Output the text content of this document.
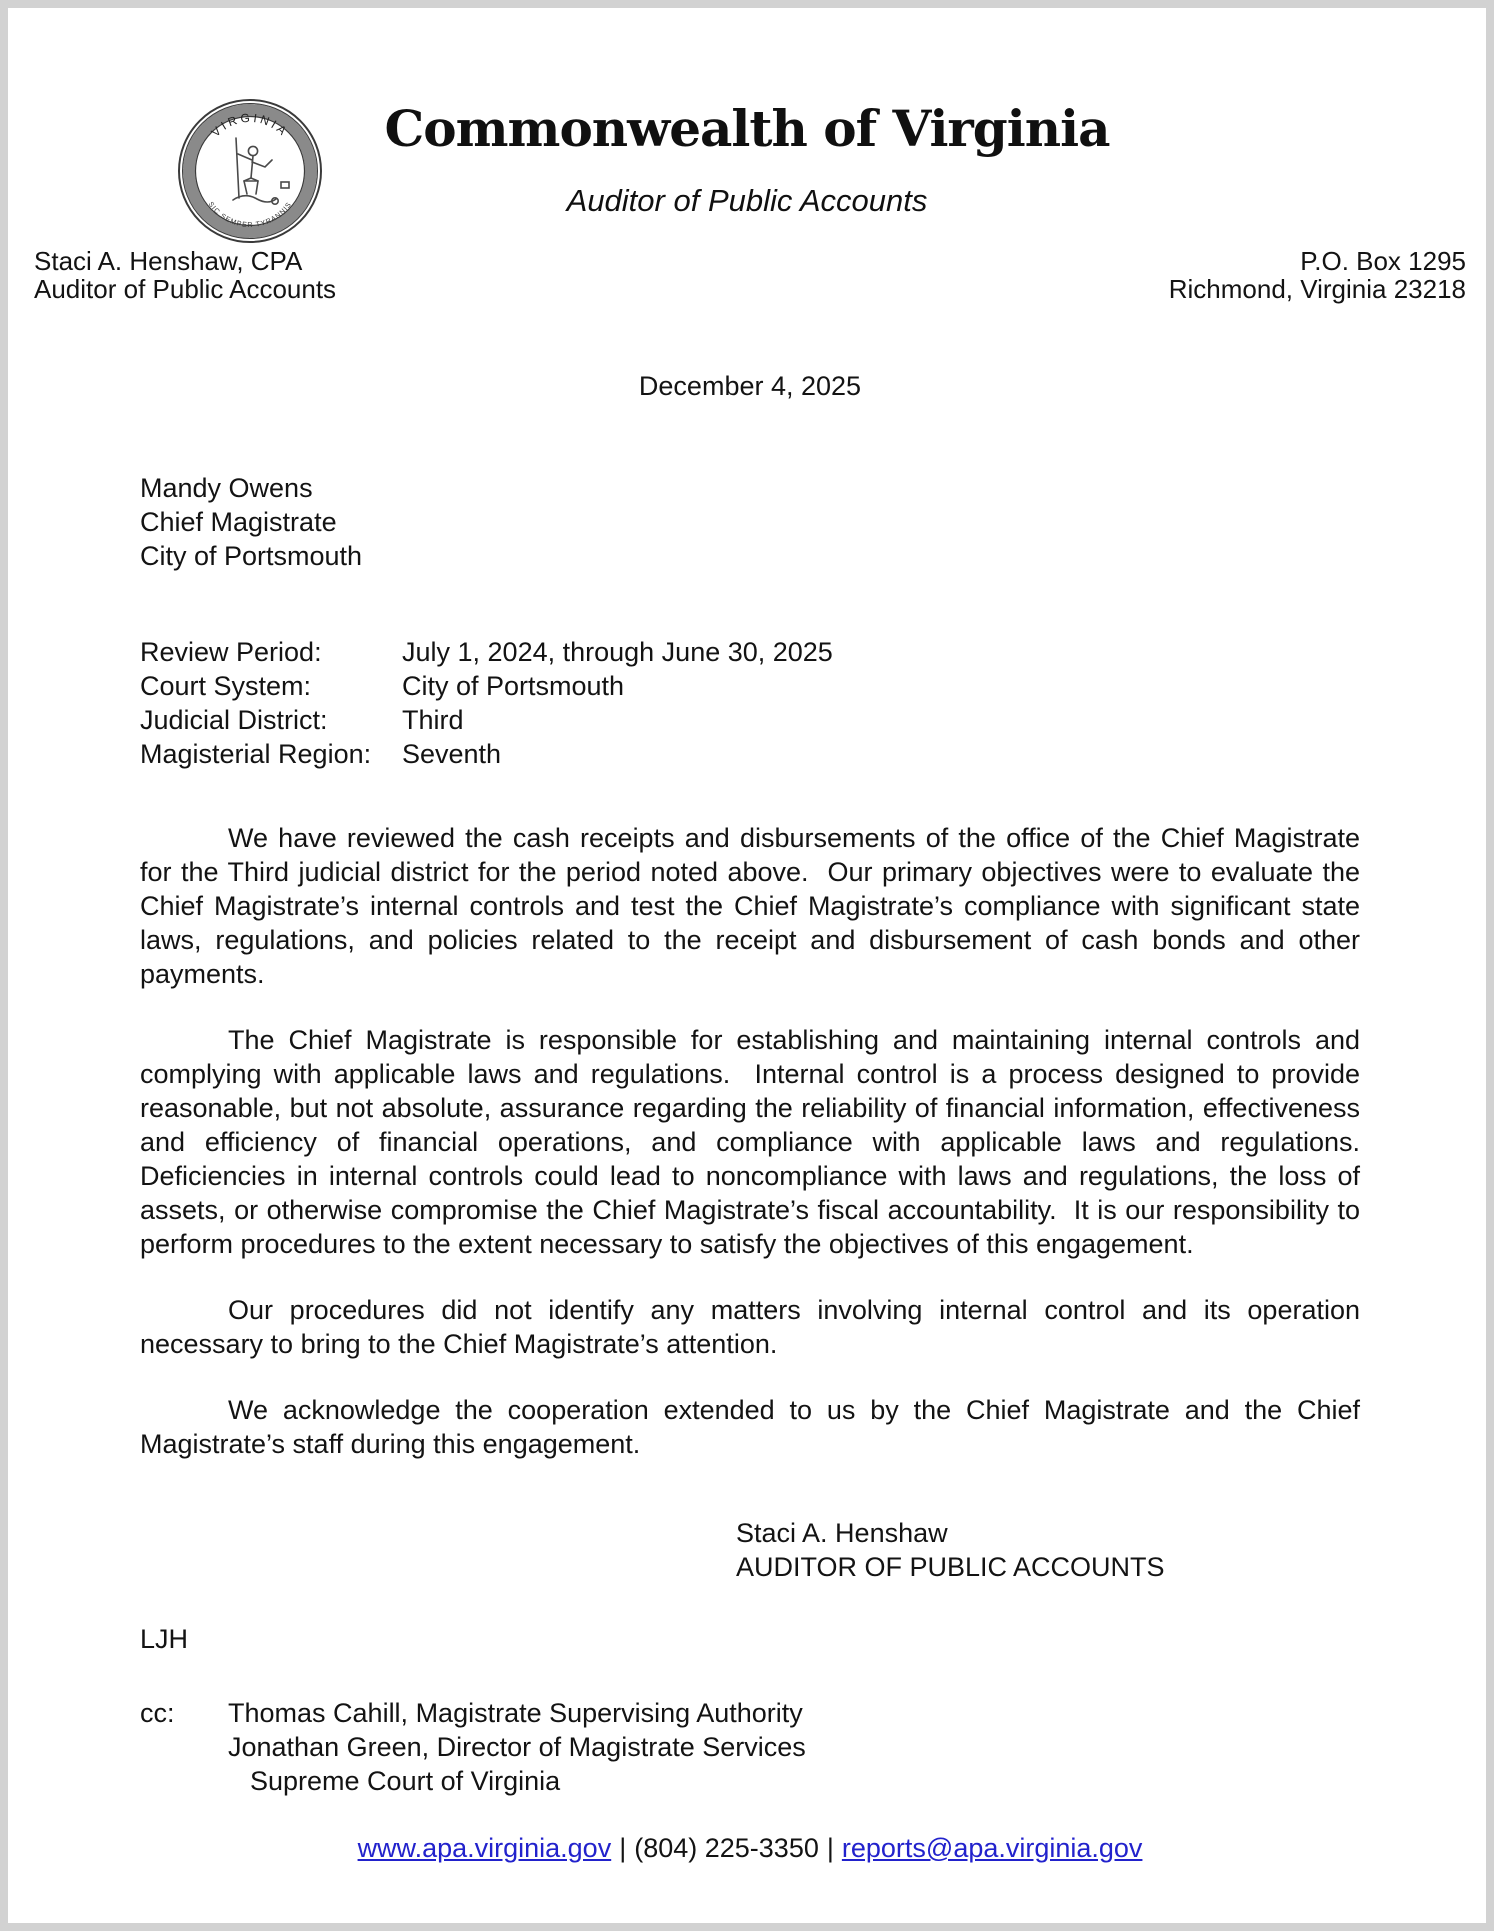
VIRGINIA
SIC SEMPER TYRANNIS
Commonwealth of Virginia
Auditor of Public Accounts
Staci A. Henshaw, CPA
Auditor of Public Accounts
P.O. Box 1295
Richmond, Virginia 23218
December 4, 2025
Mandy Owens
Chief Magistrate
City of Portsmouth
Review Period:	July 1, 2024, through June 30, 2025
Court System:	City of Portsmouth
Judicial District:	Third
Magisterial Region:	Seventh

We have reviewed the cash receipts and disbursements of the office of the Chief Magistrate for the Third judicial district for the period noted above.  Our primary objectives were to evaluate the Chief Magistrate’s internal controls and test the Chief Magistrate’s compliance with significant state laws, regulations, and policies related to the receipt and disbursement of cash bonds and other payments.

The Chief Magistrate is responsible for establishing and maintaining internal controls and complying with applicable laws and regulations.  Internal control is a process designed to provide reasonable, but not absolute, assurance regarding the reliability of financial information, effectiveness and efficiency of financial operations, and compliance with applicable laws and regulations.  Deficiencies in internal controls could lead to noncompliance with laws and regulations, the loss of assets, or otherwise compromise the Chief Magistrate’s fiscal accountability.  It is our responsibility to perform procedures to the extent necessary to satisfy the objectives of this engagement.

Our procedures did not identify any matters involving internal control and its operation necessary to bring to the Chief Magistrate’s attention.

We acknowledge the cooperation extended to us by the Chief Magistrate and the Chief Magistrate’s staff during this engagement.

Staci A. Henshaw
AUDITOR OF PUBLIC ACCOUNTS
LJH
cc:	Thomas Cahill, Magistrate Supervising Authority
Jonathan Green, Director of Magistrate Services
Supreme Court of Virginia
www.apa.virginia.gov | (804) 225-3350 | reports@apa.virginia.gov
